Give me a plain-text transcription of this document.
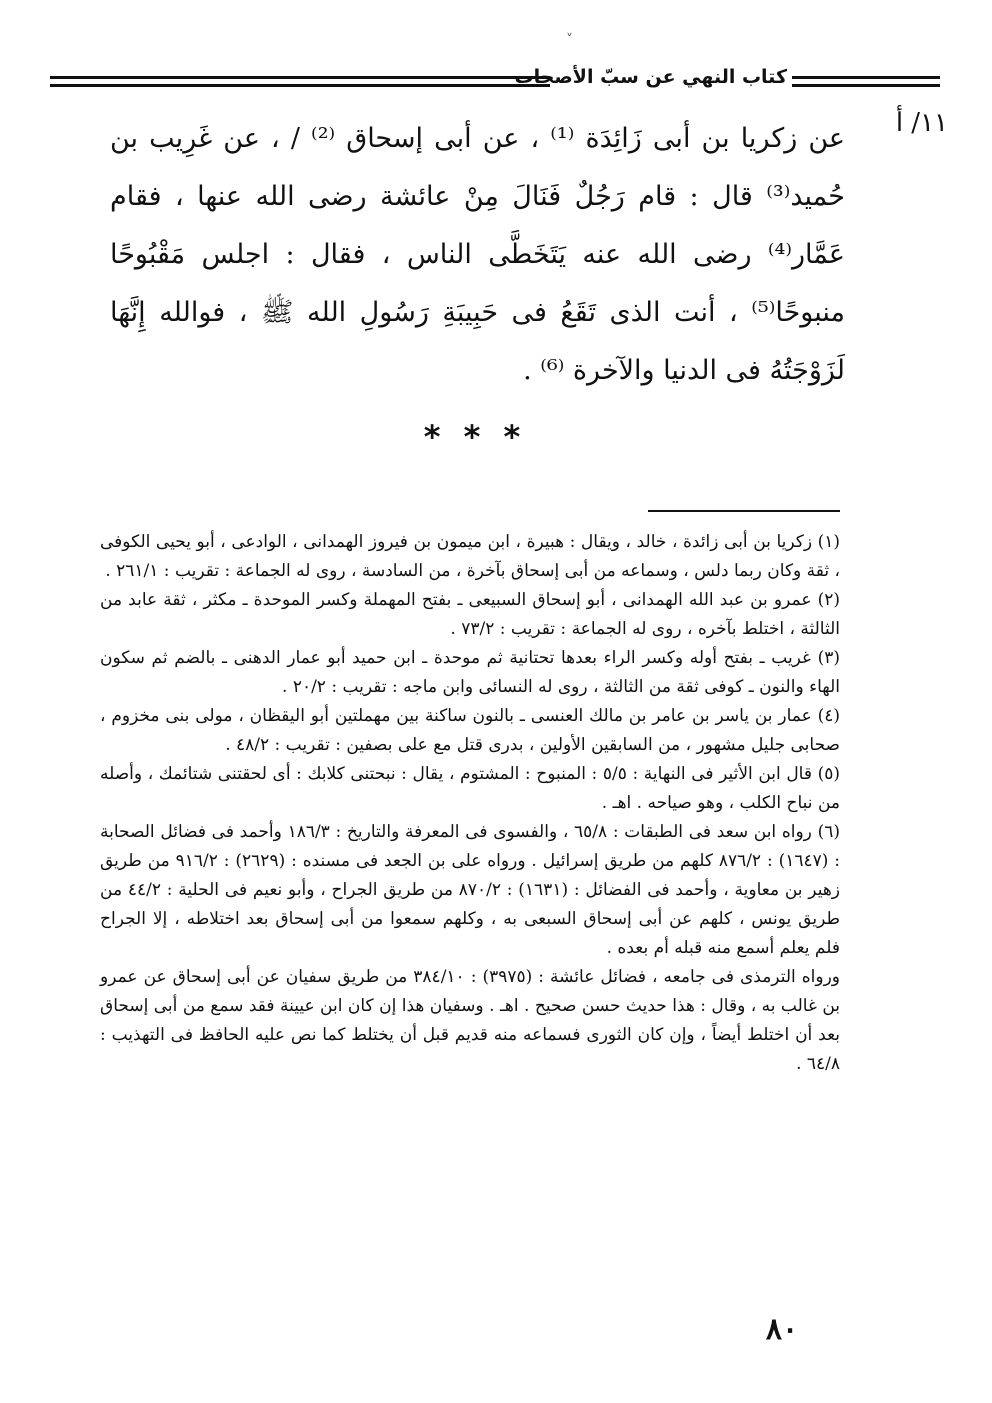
˅
كتاب النهي عن سبّ الأصحاب
١١/ أ

عن زكريا بن أبى زَائِدَة ⁽¹⁾ ، عن أبى إسحاق ⁽²⁾ / ، عن غَرِيب بن حُميد⁽³⁾ قال : قام رَجُلٌ فَنَالَ مِنْ عائشة رضى الله عنها ، فقام عَمَّار⁽⁴⁾ رضى الله عنه يَتَخَطَّى الناس ، فقال : اجلس مَقْبُوحًا منبوحًا⁽⁵⁾ ، أنت الذى تَقَعُ فى حَبِيبَةِ رَسُولِ الله ﷺ ، فوالله إِنَّهَا لَزَوْجَتُهُ فى الدنيا والآخرة ⁽⁶⁾ .

* * *

(١) زكريا بن أبى زائدة ، خالد ، ويقال : هبيرة ، ابن ميمون بن فيروز الهمدانى ، الوادعى ، أبو يحيى الكوفى ، ثقة وكان ربما دلس ، وسماعه من أبى إسحاق بآخرة ، من السادسة ، روى له الجماعة : تقريب : ٢٦١/١ .

(٢) عمرو بن عبد الله الهمدانى ، أبو إسحاق السبيعى ـ بفتح المهملة وكسر الموحدة ـ مكثر ، ثقة عابد من الثالثة ، اختلط بآخره ، روى له الجماعة : تقريب : ٧٣/٢ .

(٣) غريب ـ بفتح أوله وكسر الراء بعدها تحتانية ثم موحدة ـ ابن حميد أبو عمار الدهنى ـ بالضم ثم سكون الهاء والنون ـ كوفى ثقة من الثالثة ، روى له النسائى وابن ماجه : تقريب : ٢٠/٢ .

(٤) عمار بن ياسر بن عامر بن مالك العنسى ـ بالنون ساكنة بين مهملتين أبو اليقظان ، مولى بنى مخزوم ، صحابى جليل مشهور ، من السابقين الأولين ، بدرى قتل مع على بصفين : تقريب : ٤٨/٢ .

(٥) قال ابن الأثير فى النهاية : ٥/٥ : المنبوح : المشتوم ، يقال : نبحتنى كلابك : أى لحقتنى شتائمك ، وأصله من نباح الكلب ، وهو صياحه . اهـ .

(٦) رواه ابن سعد فى الطبقات : ٦٥/٨ ، والفسوى فى المعرفة والتاريخ : ١٨٦/٣ وأحمد فى فضائل الصحابة : (١٦٤٧) : ٨٧٦/٢ كلهم من طريق إسرائيل . ورواه على بن الجعد فى مسنده : (٢٦٢٩) : ٩١٦/٢ من طريق زهير بن معاوية ، وأحمد فى الفضائل : (١٦٣١) : ٨٧٠/٢ من طريق الجراح ، وأبو نعيم فى الحلية : ٤٤/٢ من طريق يونس ، كلهم عن أبى إسحاق السبعى به ، وكلهم سمعوا من أبى إسحاق بعد اختلاطه ، إلا الجراح فلم يعلم أسمع منه قبله أم بعده .

ورواه الترمذى فى جامعه ، فضائل عائشة : (٣٩٧٥) : ٣٨٤/١٠ من طريق سفيان عن أبى إسحاق عن عمرو بن غالب به ، وقال : هذا حديث حسن صحيح . اهـ . وسفيان هذا إن كان ابن عيينة فقد سمع من أبى إسحاق بعد أن اختلط أيضاً ، وإن كان الثورى فسماعه منه قديم قبل أن يختلط كما نص عليه الحافظ فى التهذيب : ٦٤/٨ .

٨٠
